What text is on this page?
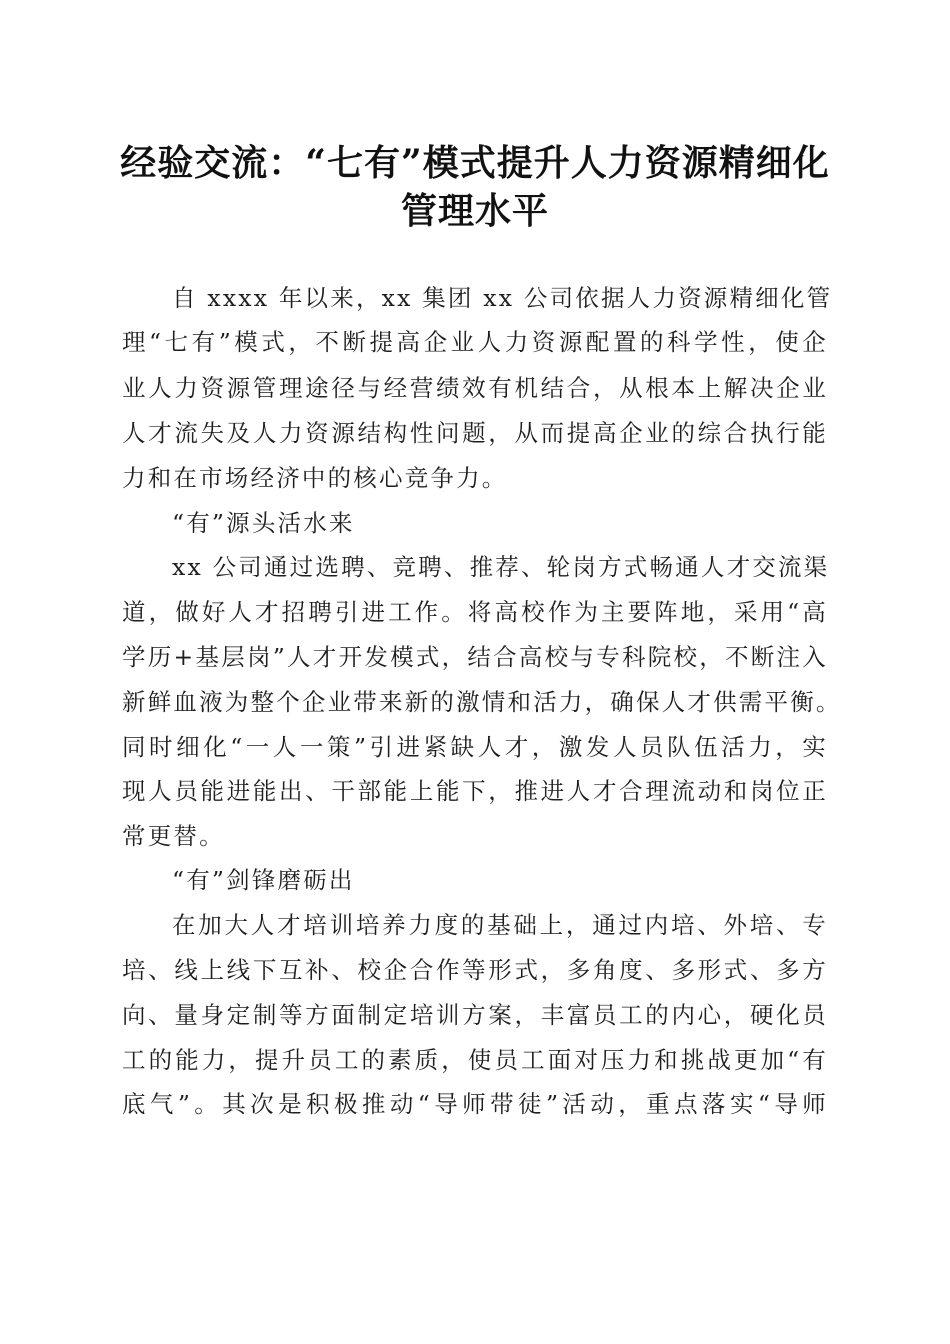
经验交流：“七有”模式提升人力资源精细化
管理水平
自 xxxx 年以来，xx 集团 xx 公司依据人力资源精细化管
理“七有”模式，不断提高企业人力资源配置的科学性，使企
业人力资源管理途径与经营绩效有机结合，从根本上解决企业
人才流失及人力资源结构性问题，从而提高企业的综合执行能
力和在市场经济中的核心竞争力。
“有”源头活水来
xx 公司通过选聘、竞聘、推荐、轮岗方式畅通人才交流渠
道，做好人才招聘引进工作。将高校作为主要阵地，采用“高
学历+基层岗”人才开发模式，结合高校与专科院校，不断注入
新鲜血液为整个企业带来新的激情和活力，确保人才供需平衡。
同时细化“一人一策”引进紧缺人才，激发人员队伍活力，实
现人员能进能出、干部能上能下，推进人才合理流动和岗位正
常更替。
“有”剑锋磨砺出
在加大人才培训培养力度的基础上，通过内培、外培、专
培、线上线下互补、校企合作等形式，多角度、多形式、多方
向、量身定制等方面制定培训方案，丰富员工的内心，硬化员
工的能力，提升员工的素质，使员工面对压力和挑战更加“有
底气”。其次是积极推动“导师带徒”活动，重点落实“导师
